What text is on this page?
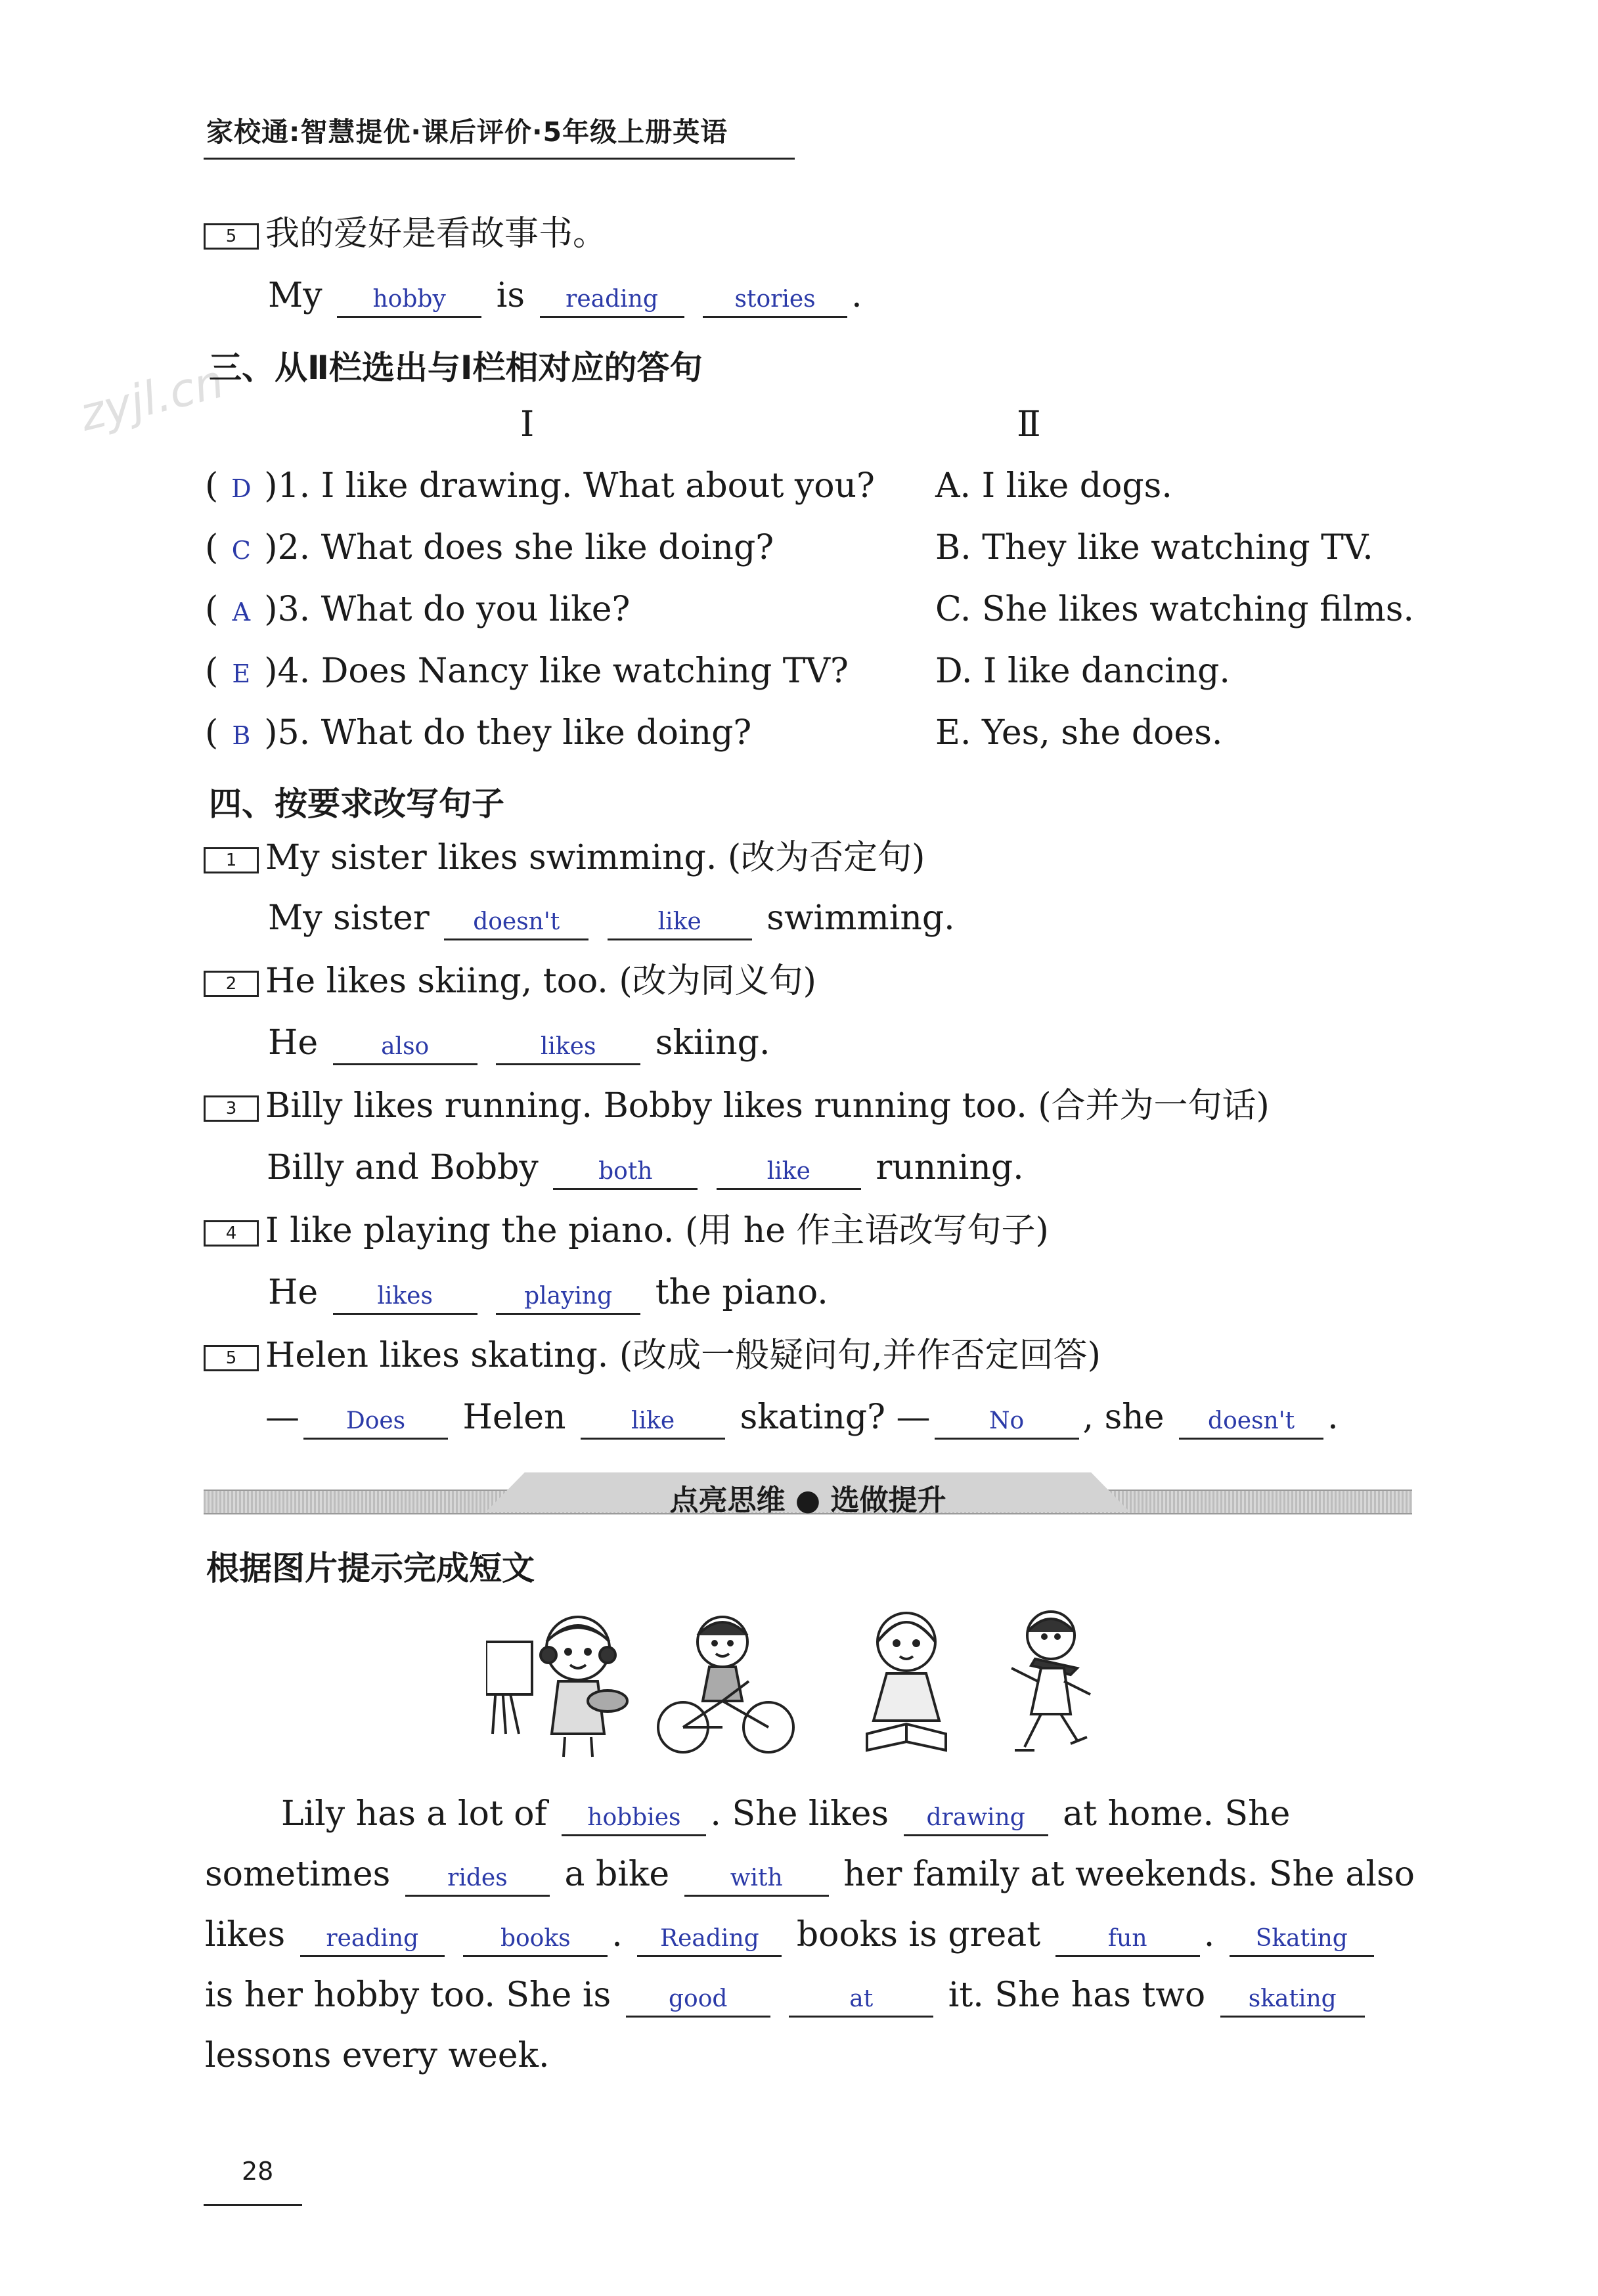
家校通:智慧提优·课后评价·5年级上册英语
zyjl.cn
5 我的爱好是看故事书。
My hobby is reading	stories .
三、从Ⅱ栏选出与Ⅰ栏相对应的答句
Ⅰ	Ⅱ
( D )1. I like drawing. What about you? A. I like dogs.
( C )2. What does she like doing?	B. They like watching TV.
( A )3. What do you like?	C. She likes watching films.
( E )4. Does Nancy like watching TV?	D. I like dancing.
( B )5. What do they like doing?	E. Yes, she does.
四、按要求改写句子
1 My sister likes swimming. (改为否定句)
My sister doesn't	like swimming.
2 He likes skiing, too. (改为同义句)
He	also	likes skiing.
3 Billy likes running. Bobby likes running too. (合并为一句话)
Billy and Bobby	both	like running.
4 I like playing the piano. (用 he 作主语改写句子)
He	likes	playing the piano.
5 Helen likes skating. (改成一般疑问句,并作否定回答)
— Does Helen	like skating? — No , she doesn't .
点亮思维 ● 选做提升
根据图片提示完成短文
Lily has a lot of hobbies . She likes drawing at home. She
sometimes rides a bike	with her family at weekends. She also
likes reading	books . Reading books is great	fun . Skating
is her hobby too. She is good	at it. She has two skating
lessons every week.
28
